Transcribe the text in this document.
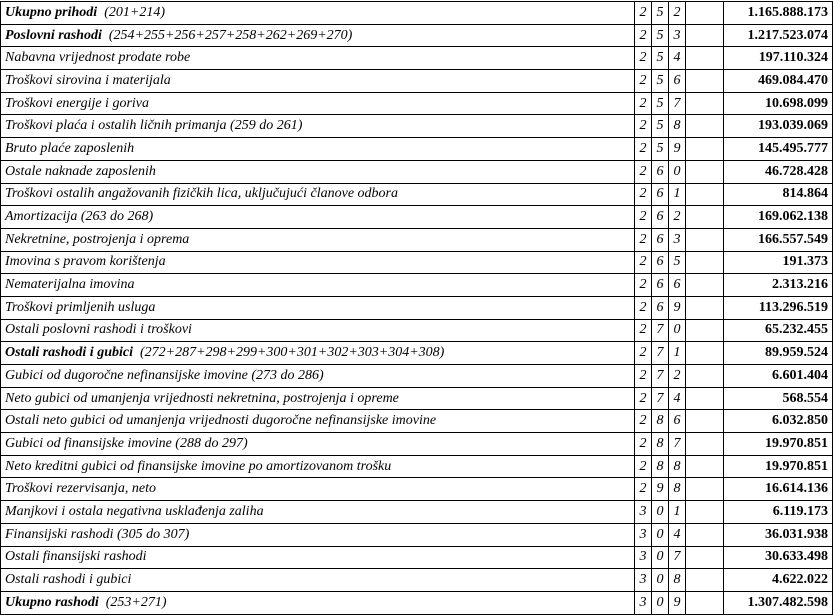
Ukupno prihodi (201+214)	2	5	2		1.165.888.173
Poslovni rashodi (254+255+256+257+258+262+269+270)	2	5	3		1.217.523.074
Nabavna vrijednost prodate robe	2	5	4		197.110.324
Troškovi sirovina i materijala	2	5	6		469.084.470
Troškovi energije i goriva	2	5	7		10.698.099
Troškovi plaća i ostalih ličnih primanja (259 do 261)	2	5	8		193.039.069
Bruto plaće zaposlenih	2	5	9		145.495.777
Ostale naknade zaposlenih	2	6	0		46.728.428
Troškovi ostalih angažovanih fizičkih lica, uključujući članove odbora	2	6	1		814.864
Amortizacija (263 do 268)	2	6	2		169.062.138
Nekretnine, postrojenja i oprema	2	6	3		166.557.549
Imovina s pravom korištenja	2	6	5		191.373
Nematerijalna imovina	2	6	6		2.313.216
Troškovi primljenih usluga	2	6	9		113.296.519
Ostali poslovni rashodi i troškovi	2	7	0		65.232.455
Ostali rashodi i gubici (272+287+298+299+300+301+302+303+304+308)	2	7	1		89.959.524
Gubici od dugoročne nefinansijske imovine (273 do 286)	2	7	2		6.601.404
Neto gubici od umanjenja vrijednosti nekretnina, postrojenja i opreme	2	7	4		568.554
Ostali neto gubici od umanjenja vrijednosti dugoročne nefinansijske imovine	2	8	6		6.032.850
Gubici od finansijske imovine (288 do 297)	2	8	7		19.970.851
Neto kreditni gubici od finansijske imovine po amortizovanom trošku	2	8	8		19.970.851
Troškovi rezervisanja, neto	2	9	8		16.614.136
Manjkovi i ostala negativna usklađenja zaliha	3	0	1		6.119.173
Finansijski rashodi (305 do 307)	3	0	4		36.031.938
Ostali finansijski rashodi	3	0	7		30.633.498
Ostali rashodi i gubici	3	0	8		4.622.022
Ukupno rashodi (253+271)	3	0	9		1.307.482.598
